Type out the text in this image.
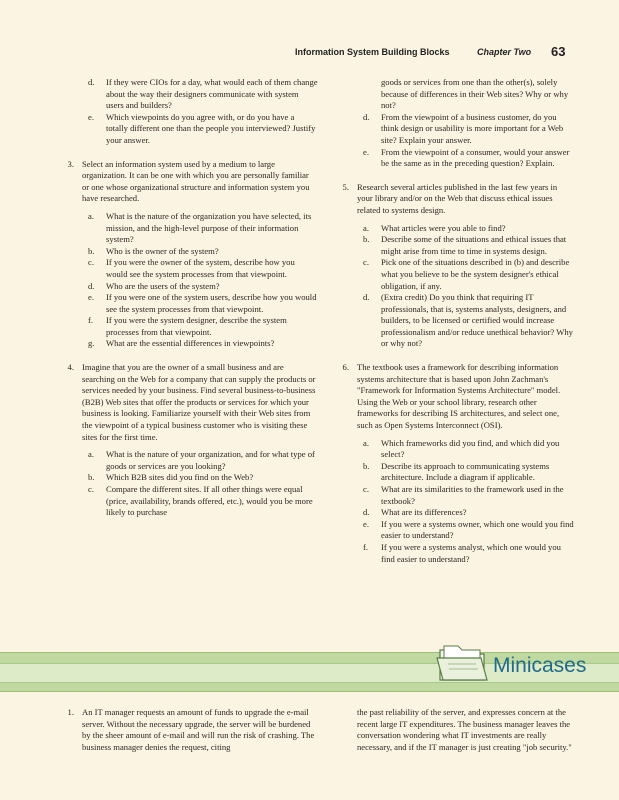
Information System Building Blocks	Chapter Two 63
d.	If they were CIOs for a day, what would each of them change about the way their designers communicate with system users and builders?
e.	Which viewpoints do you agree with, or do you have a totally different one than the people you interviewed? Justify your answer.
3. Select an information system used by a medium to large organization. It can be one with which you are personally familiar or one whose organizational structure and information system you have researched.

a.	What is the nature of the organization you have selected, its mission, and the high-level purpose of their information system?
b.	Who is the owner of the system?
c.	If you were the owner of the system, describe how you would see the system processes from that viewpoint.
d.	Who are the users of the system?
e.	If you were one of the system users, describe how you would see the system processes from that viewpoint.
f.	If you were the system designer, describe the system processes from that viewpoint.
g.	What are the essential differences in viewpoints?
4. Imagine that you are the owner of a small business and are searching on the Web for a company that can supply the products or services needed by your business. Find several business-to-business (B2B) Web sites that offer the products or services for which your business is looking. Familiarize yourself with their Web sites from the viewpoint of a typical business customer who is visiting these sites for the first time.

a.	What is the nature of your organization, and for what type of goods or services are you looking?
b.	Which B2B sites did you find on the Web?
c.	Compare the different sites. If all other things were equal (price, availability, brands offered, etc.), would you be more likely to purchase
goods or services from one than the other(s), solely because of differences in their Web sites? Why or why not?
d.	From the viewpoint of a business customer, do you think design or usability is more important for a Web site? Explain your answer.
e.	From the viewpoint of a consumer, would your answer be the same as in the preceding question? Explain.
5. Research several articles published in the last few years in your library and/or on the Web that discuss ethical issues related to systems design.

a.	What articles were you able to find?
b.	Describe some of the situations and ethical issues that might arise from time to time in systems design.
c.	Pick one of the situations described in (b) and describe what you believe to be the system designer's ethical obligation, if any.
d.	(Extra credit) Do you think that requiring IT professionals, that is, systems analysts, designers, and builders, to be licensed or certified would increase professionalism and/or reduce unethical behavior? Why or why not?
6. The textbook uses a framework for describing information systems architecture that is based upon John Zachman's "Framework for Information Systems Architecture" model. Using the Web or your school library, research other frameworks for describing IS architectures, and select one, such as Open Systems Interconnect (OSI).

a.	Which frameworks did you find, and which did you select?
b.	Describe its approach to communicating systems architecture. Include a diagram if applicable.
c.	What are its similarities to the framework used in the textbook?
d.	What are its differences?
e.	If you were a systems owner, which one would you find easier to understand?
f.	If you were a systems analyst, which one would you find easier to understand?
Minicases
1. An IT manager requests an amount of funds to upgrade the e-mail server. Without the necessary upgrade, the server will be burdened by the sheer amount of e-mail and will run the risk of crashing. The business manager denies the request, citing
the past reliability of the server, and expresses concern at the recent large IT expenditures. The business manager leaves the conversation wondering what IT investments are really necessary, and if the IT manager is just creating "job security."
